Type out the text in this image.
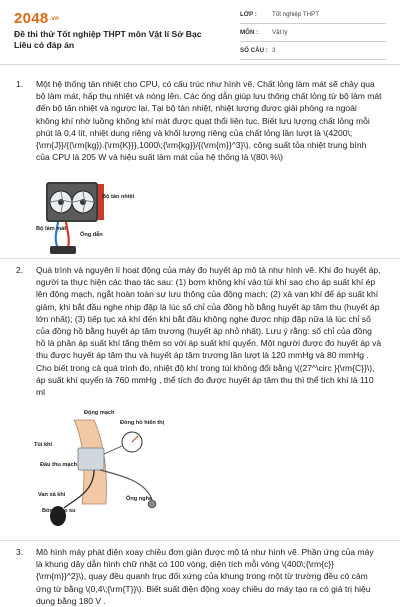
2048.vn
Đề thi thử Tốt nghiệp THPT môn Vật lí Sở Bạc Liêu có đáp án
LỚP :	Tốt nghiệp THPT
MÔN :	Vật lý
SỐ CÂU : 3
1.	Một hệ thống tản nhiệt cho CPU, có cấu trúc như hình vẽ. Chất lỏng làm mát sẽ chảy qua bộ làm mát, hấp thụ nhiệt và nóng lên. Các ống dẫn giúp lưu thông chất lỏng từ bộ làm mát đến bộ tản nhiệt và ngược lại. Tại bộ tản nhiệt, nhiệt lượng được giải phóng ra ngoài không khí nhờ luồng không khí mát được quạt thổi liên tục. Biết lưu lượng chất lỏng mỗi phút là 0,4 lít, nhiệt dung riêng và khối lượng riêng của chất lỏng lần lượt là \(4200\;{\rm{J}}/{(\rm{kg}).{\rm{K}}},1000\;{\rm{kg}}/{(\rm{m}}^3}\), công suất tỏa nhiệt trung bình của CPU là 205 W và hiệu suất làm mát của hệ thống là \(80\ %\)
Bộ tản nhiệt
Ống dẫn
Bộ làm mát
2.	Quá trình và nguyên lí hoạt động của máy đo huyết áp mô tả như hình vẽ. Khi đo huyết áp, người ta thực hiện các thao tác sau: (1) bơm không khí vào túi khí sao cho áp suất khí ép lên động mạch, ngắt hoàn toàn sự lưu thông của động mạch; (2) xả van khí để áp suất khí giảm, khi bắt đầu nghe nhịp đập là lúc số chỉ của đồng hồ bằng huyết áp tâm thu (huyết áp lớn nhất); (3) tiếp tục xả khí đến khi bắt đầu không nghe được nhịp đập nữa là lúc chỉ số của đồng hồ bằng huyết áp tâm trương (huyết áp nhỏ nhất). Lưu ý rằng: số chỉ của đồng hồ là phần áp suất khí tăng thêm so với áp suất khí quyển. Một người được đo huyết áp và thu được huyết áp tâm thu và huyết áp tâm trương lần lượt là 120 mmHg và 80 mmHg . Cho biết trong cả quá trình đo, nhiệt độ khí trong túi không đổi bằng \((27^\circ }{\rm{C}}\), áp suất khí quyển là 760 mmHg , thể tích đo được huyết áp tâm thu thì thể tích khí là 110 ml
Động mạch
Đồng hồ hiển thị
Túi khí
Đầu thu mạch
Van xả khí
Bóng cao su
Ống nghe
3.	Mô hình máy phát điện xoay chiều đơn giản được mô tả như hình vẽ. Phần ứng của máy là khung dây dẫn hình chữ nhật có 100 vòng, diện tích mỗi vòng \(400\;{\rm{c}}{\rm{m}}^2}\), quay đều quanh trục đối xứng của khung trong một từ trường đều có cảm ứng từ bằng \(0,4\;{\rm{T}}\). Biết suất điện động xoay chiều do máy tạo ra có giá trị hiệu dụng bằng 180 V .
